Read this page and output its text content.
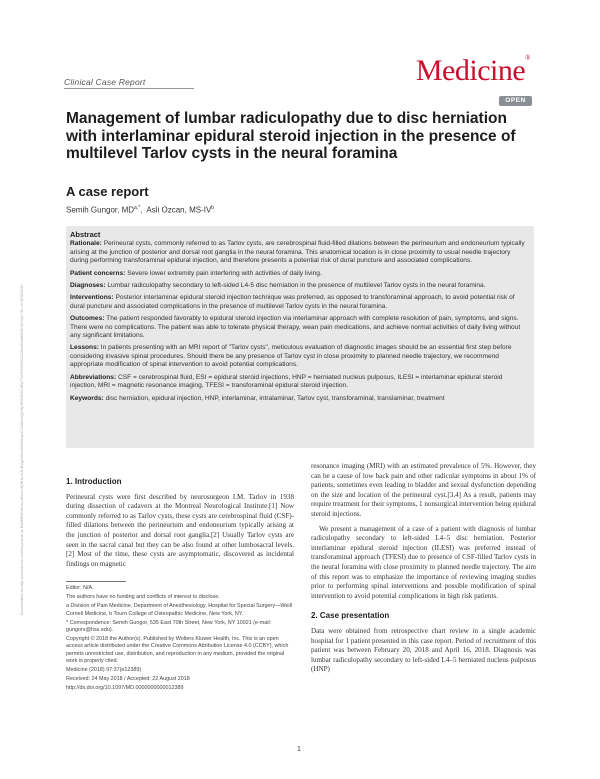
Clinical Case Report	Medicine®
OPEN
Management of lumbar radiculopathy due to disc herniation with interlaminar epidural steroid injection in the presence of multilevel Tarlov cysts in the neural foramina
A case report
Semih Gungor, $MD^{a,*}$,  Asli Ozcan, $MS-IV^b$
Downloaded from http://journals.lww.com/md-journal by BhDMf5ePHKav1zEoum1tQfN4a+kJLhEZgbsIHo4XMi0hCywCX1AWnYQp/IlQrHD3i3D0OdRyi7TvSFl4Cf3VC4/OAVpDDa8KKGKV0Ymy+78= on 09/02/2023
Abstract

Rationale: Perineural cysts, commonly referred to as Tarlov cysts, are cerebrospinal fluid-filled dilations between the perineurium and endoneurium typically arising at the junction of posterior and dorsal root ganglia in the neural foramina. This anatomical location is in close proximity to usual needle trajectory during performing transforaminal epidural injection, and therefore presents a potential risk of dural puncture and associated complications.

Patient concerns: Severe lower extremity pain interfering with activities of daily living.

Diagnoses: Lumbar radiculopathy secondary to left-sided L4-5 disc herniation in the presence of multilevel Tarlov cysts in the neural foramina.

Interventions: Posterior interlaminar epidural steroid injection technique was preferred, as opposed to transforaminal approach, to avoid potential risk of dural puncture and associated complications in the presence of multilevel Tarlov cysts in the neural foramina.

Outcomes: The patient responded favorably to epidural steroid injection via interlaminar approach with complete resolution of pain, symptoms, and signs. There were no complications. The patient was able to tolerate physical therapy, wean pain medications, and achieve normal activities of daily living without any significant limitations.

Lessons: In patients presenting with an MRI report of "Tarlov cysts", meticulous evaluation of diagnostic images should be an essential first step before considering invasive spinal procedures. Should there be any presence of Tarlov cyst in close proximity to planned needle trajectory, we recommend appropriate modification of spinal intervention to avoid potential complications.

Abbreviations: CSF = cerebrospinal fluid, ESI = epidural steroid injections, HNP = herniated nucleus pulposus, ILESI = interlaminar epidural steroid injection, MRI = magnetic resonance imaging, TFESI = transforaminal epidural steroid injection.

Keywords: disc herniation, epidural injection, HNP, interlaminar, intralaminar, Tarlov cyst, transforaminal, translaminar, treatment

1. Introduction

Perineural cysts were first described by neurosurgeon I.M. Tarlov in 1938 during dissection of cadavers at the Montreal Neurological Institute.[1] Now commonly referred to as Tarlov cysts, these cysts are cerebrospinal fluid (CSF)-filled dilations between the perineurium and endoneurium typically arising at the junction of posterior and dorsal root ganglia.[2] Usually Tarlov cysts are seen in the sacral canal but they can be also found at other lumbosacral levels.[2] Most of the time, these cysts are asymptomatic, discovered as incidental findings on magnetic

Editor: N/A.

The authors have no funding and conflicts of interest to disclose.

a Division of Pain Medicine, Department of Anesthesiology, Hospital for Special Surgery—Weill Cornell Medicine, b Touro College of Osteopathic Medicine, New York, NY.

* Correspondence: Semih Gungor, 535 East 70th Street, New York, NY 10021 (e-mail: gungors@hss.edu).

Copyright © 2018 the Author(s). Published by Wolters Kluwer Health, Inc. This is an open access article distributed under the Creative Commons Attribution License 4.0 (CCBY), which permits unrestricted use, distribution, and reproduction in any medium, provided the original work is properly cited.

Medicine (2018) 97:37(e12389)

Received: 24 May 2018 / Accepted: 22 August 2018

http://dx.doi.org/10.1097/MD.0000000000012389

resonance imaging (MRI) with an estimated prevalence of 5%. However, they can be a cause of low back pain and other radicular symptoms in about 1% of patients, sometimes even leading to bladder and sexual dysfunction depending on the size and location of the perineural cyst.[3,4] As a result, patients may require treatment for their symptoms, 1 nonsurgical intervention being epidural steroid injections.

We present a management of a case of a patient with diagnosis of lumbar radiculopathy secondary to left-sided L4–5 disc herniation. Posterior interlaminar epidural steroid injection (ILESI) was preferred instead of transforaminal approach (TFESI) due to presence of CSF-filled Tarlov cysts in the neural foramina with close proximity to planned needle trajectory. The aim of this report was to emphasize the importance of reviewing imaging studies prior to performing spinal interventions and possible modification of spinal intervention to avoid potential complications in high risk patients.

2. Case presentation

Data were obtained from retrospective chart review in a single academic hospital for 1 patient presented in this case report. Period of recruitment of this patient was between February 20, 2018 and April 16, 2018. Diagnosis was lumbar radiculopathy secondary to left-sided L4–5 herniated nucleus pulposus (HNP)

1
